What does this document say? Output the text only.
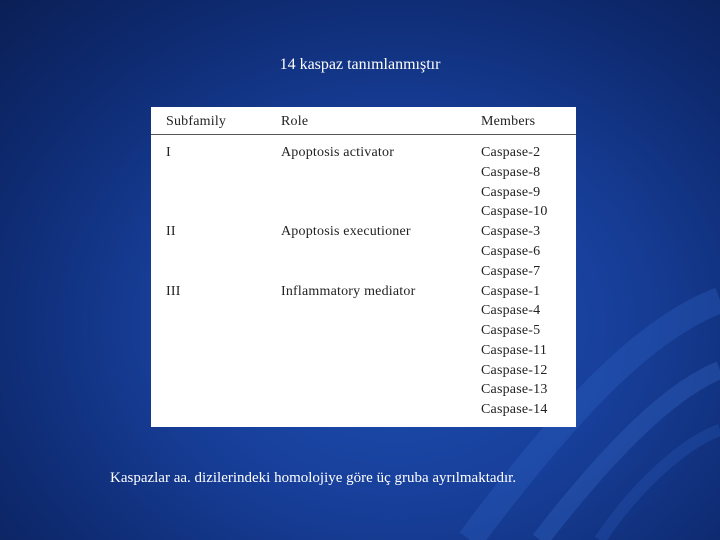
14 kaspaz tanımlanmıştır
Subfamily	Role	Members
I	Apoptosis activator	Caspase-2
Caspase-8
Caspase-9
Caspase-10
II	Apoptosis executioner	Caspase-3
Caspase-6
Caspase-7
III	Inflammatory mediator	Caspase-1
Caspase-4
Caspase-5
Caspase-11
Caspase-12
Caspase-13
Caspase-14
Kaspazlar aa. dizilerindeki homolojiye göre üç gruba ayrılmaktadır.
